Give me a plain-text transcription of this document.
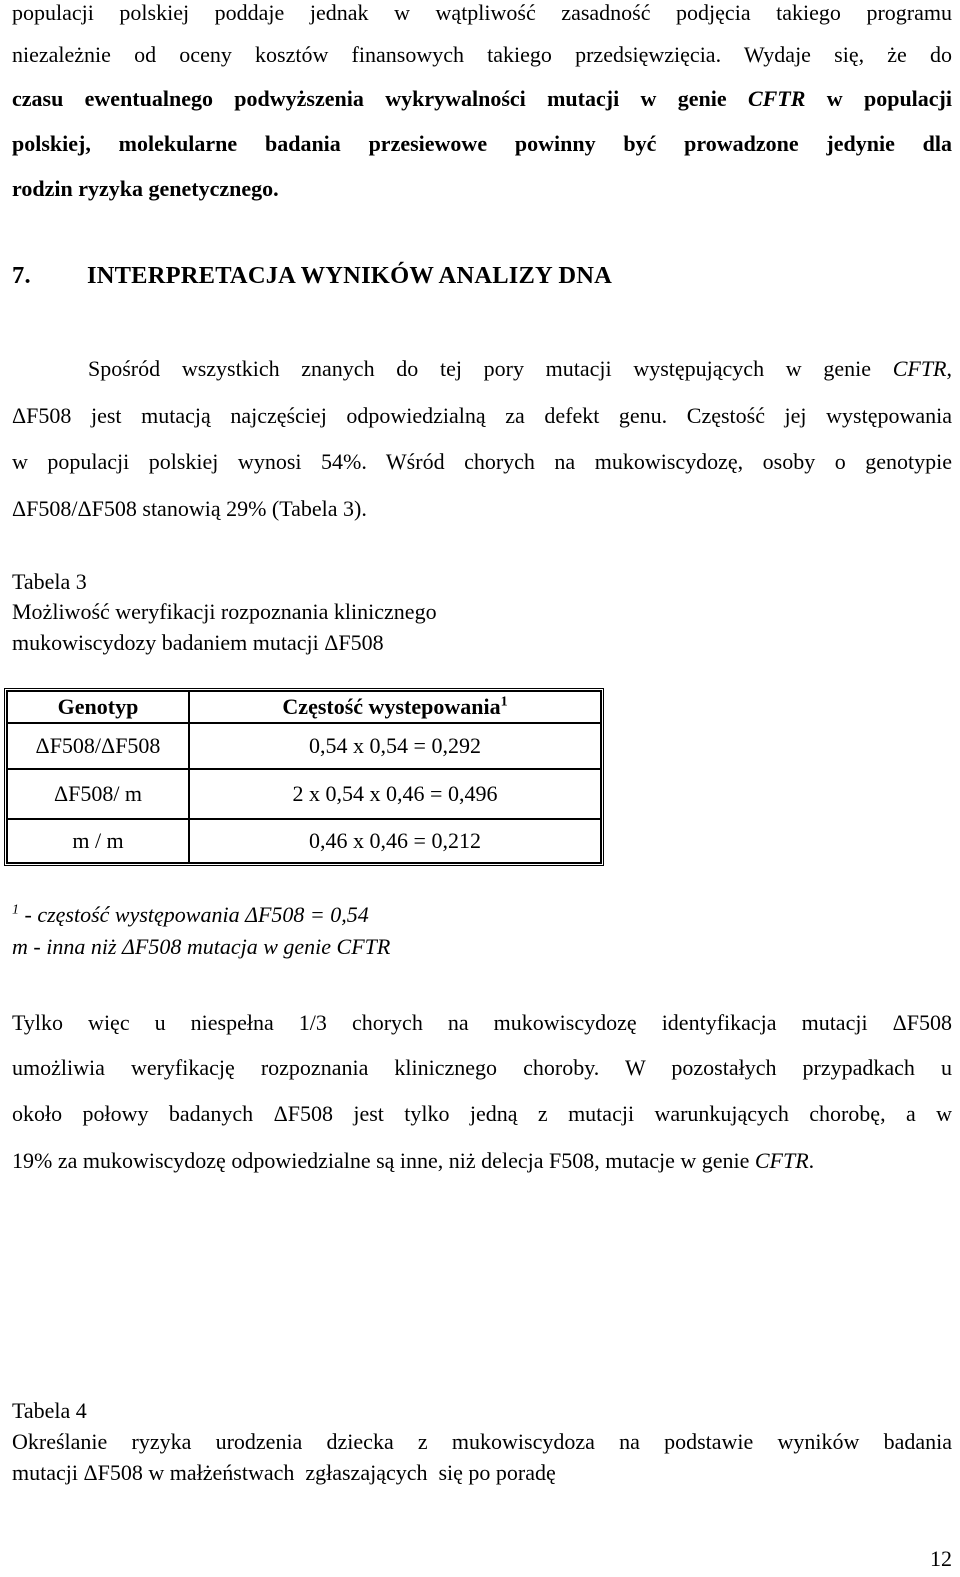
populacji polskiej poddaje jednak w wątpliwość zasadność podjęcia takiego programu
niezależnie od oceny kosztów finansowych takiego przedsięwzięcia. Wydaje się, że do
czasu ewentualnego podwyższenia wykrywalności mutacji w genie CFTR w populacji
polskiej, molekularne badania przesiewowe powinny być prowadzone jedynie dla
rodzin ryzyka genetycznego.
7. INTERPRETACJA WYNIKÓW ANALIZY DNA
Spośród wszystkich znanych do tej pory mutacji występujących w genie CFTR,
ΔF508 jest mutacją najczęściej odpowiedzialną za defekt genu. Częstość jej występowania
w populacji polskiej wynosi 54%. Wśród chorych na mukowiscydozę, osoby o genotypie
ΔF508/ΔF508 stanowią 29% (Tabela 3).
Tabela 3
Możliwość weryfikacji rozpoznania klinicznego
mukowiscydozy badaniem mutacji ΔF508
Genotyp	Częstość wystepowania$^1$
ΔF508/ΔF508	0,54 x 0,54 = 0,292
ΔF508/ m	2 x 0,54 x 0,46 = 0,496
m / m	0,46 x 0,46 = 0,212
$^1$ - częstość występowania ΔF508 = 0,54
m - inna niż ΔF508 mutacja w genie CFTR
Tylko więc u niespełna 1/3 chorych na mukowiscydozę identyfikacja mutacji ΔF508
umożliwia weryfikację rozpoznania klinicznego choroby. W pozostałych przypadkach u
około połowy badanych ΔF508 jest tylko jedną z mutacji warunkujących chorobę, a w
19% za mukowiscydozę odpowiedzialne są inne, niż delecja F508, mutacje w genie CFTR.
Tabela 4
Określanie ryzyka urodzenia dziecka z mukowiscydoza na podstawie wyników badania
mutacji ΔF508 w małżeństwach  zgłaszających  się po poradę
12
